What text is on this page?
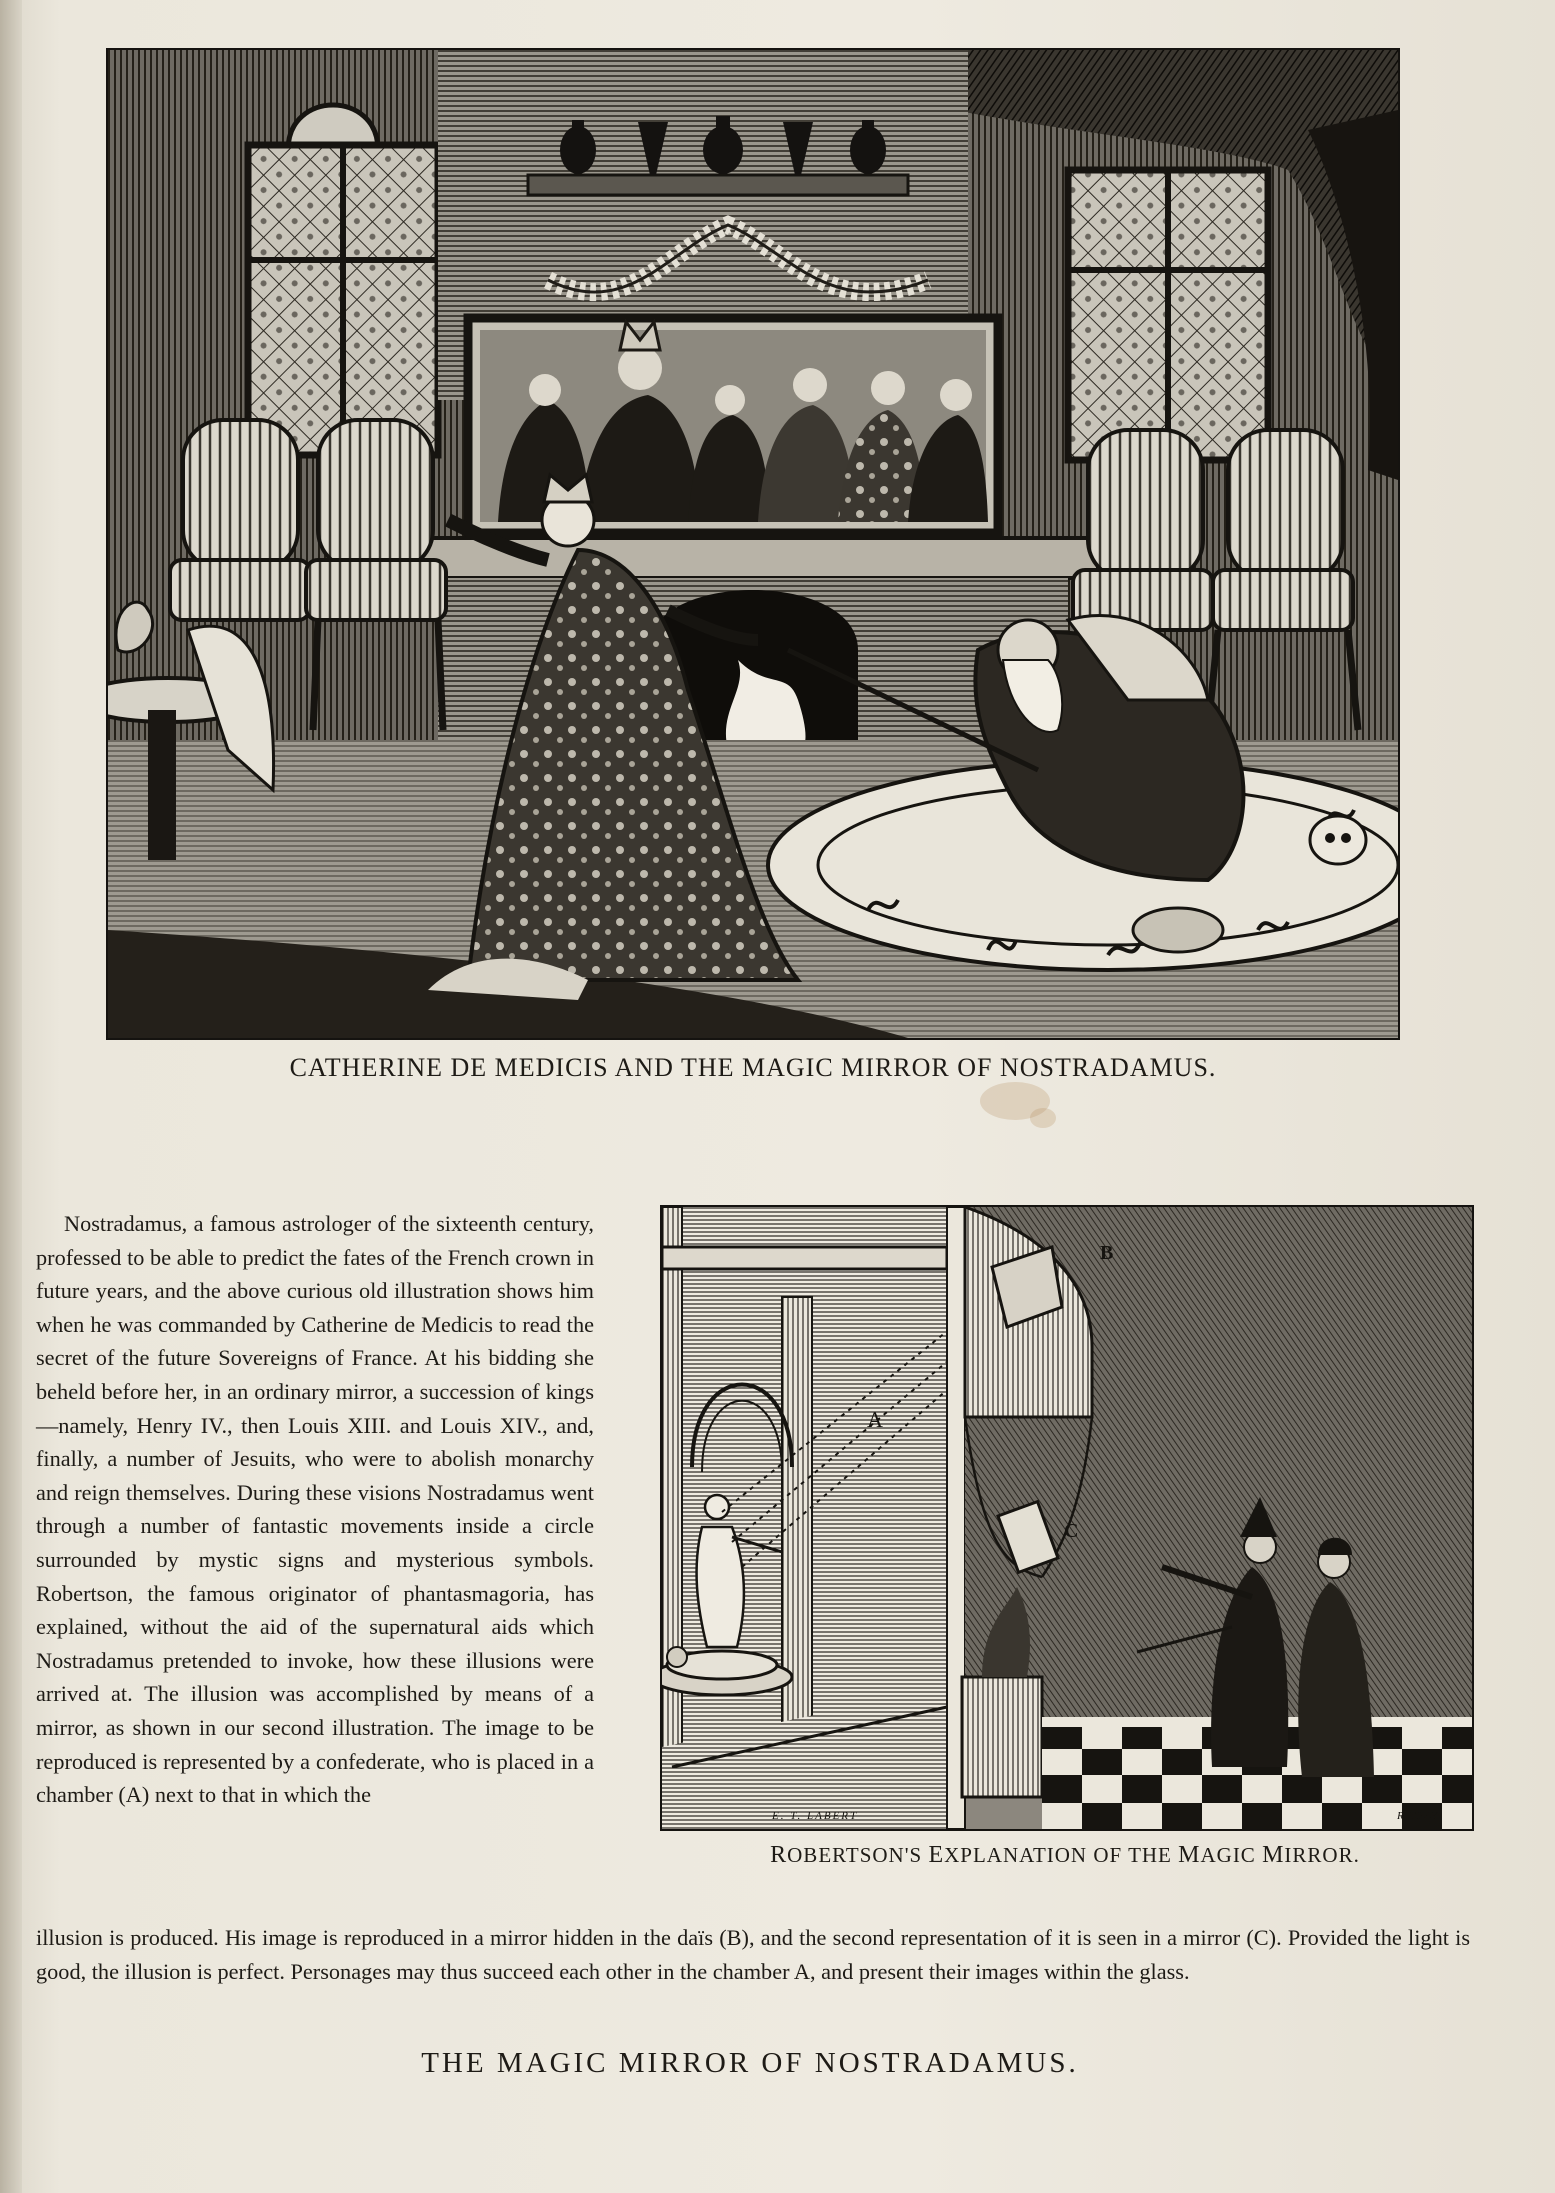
CATHERINE DE MEDICIS AND THE MAGIC MIRROR OF NOSTRADAMUS.
A
B
C
E. T. LABERT	R. TILLY
ROBERTSON'S EXPLANATION OF THE MAGIC MIRROR.

Nostradamus, a famous astrologer of the sixteenth century, professed to be able to predict the fates of the French crown in future years, and the above curious old illustration shows him when he was commanded by Catherine de Medicis to read the secret of the future Sovereigns of France. At his bidding she beheld before her, in an ordinary mirror, a succession of kings—namely, Henry IV., then Louis XIII. and Louis XIV., and, finally, a number of Jesuits, who were to abolish monarchy and reign themselves. During these visions Nostradamus went through a number of fantastic movements inside a circle surrounded by mystic signs and mysterious symbols. Robertson, the famous originator of phantasmagoria, has explained, without the aid of the supernatural aids which Nostradamus pretended to invoke, how these illusions were arrived at. The illusion was accomplished by means of a mirror, as shown in our second illustration. The image to be reproduced is represented by a confederate, who is placed in a chamber (A) next to that in which the

illusion is produced. His image is reproduced in a mirror hidden in the daïs (B), and the second representation of it is seen in a mirror (C). Provided the light is good, the illusion is perfect. Personages may thus succeed each other in the chamber A, and present their images within the glass.

THE MAGIC MIRROR OF NOSTRADAMUS.
